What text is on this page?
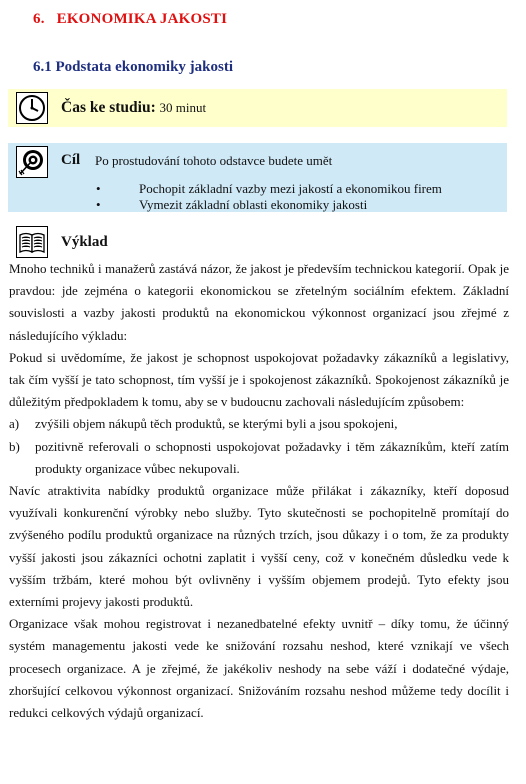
6. EKONOMIKA JAKOSTI
6.1 Podstata ekonomiky jakosti
Čas ke studiu: 30 minut
Cíl Po prostudování tohoto odstavce budete umět
•	Pochopit základní vazby mezi jakostí a ekonomikou firem
•	Vymezit základní oblasti ekonomiky jakosti
Výklad

Mnoho techniků i manažerů zastává názor, že jakost je především technickou kategorií. Opak je pravdou: jde zejména o kategorii ekonomickou se zřetelným sociálním efektem. Základní souvislosti a vazby jakosti produktů na ekonomickou výkonnost organizací jsou zřejmé z následujícího výkladu:

Pokud si uvědomíme, že jakost je schopnost uspokojovat požadavky zákazníků a legislativy, tak čím vyšší je tato schopnost, tím vyšší je i spokojenost zákazníků. Spokojenost zákazníků je důležitým předpokladem k tomu, aby se v budoucnu zachovali následujícím způsobem:

a) zvýšili objem nákupů těch produktů, se kterými byli a jsou spokojeni,
b) pozitivně referovali o schopnosti uspokojovat požadavky i těm zákazníkům, kteří zatím produkty organizace vůbec nekupovali.

Navíc atraktivita nabídky produktů organizace může přilákat i zákazníky, kteří doposud využívali konkurenční výrobky nebo služby. Tyto skutečnosti se pochopitelně promítají do zvýšeného podílu produktů organizace na různých trzích, jsou důkazy i o tom, že za produkty vyšší jakosti jsou zákazníci ochotni zaplatit i vyšší ceny, což v konečném důsledku vede k vyšším tržbám, které mohou být ovlivněny i vyšším objemem prodejů. Tyto efekty jsou externími projevy jakosti produktů.

Organizace však mohou registrovat i nezanedbatelné efekty uvnitř – díky tomu, že účinný systém managementu jakosti vede ke snižování rozsahu neshod, které vznikají ve všech procesech organizace. A je zřejmé, že jakékoliv neshody na sebe váží i dodatečné výdaje, zhoršující celkovou výkonnost organizací. Snižováním rozsahu neshod můžeme tedy docílit i redukci celkových výdajů organizací.
